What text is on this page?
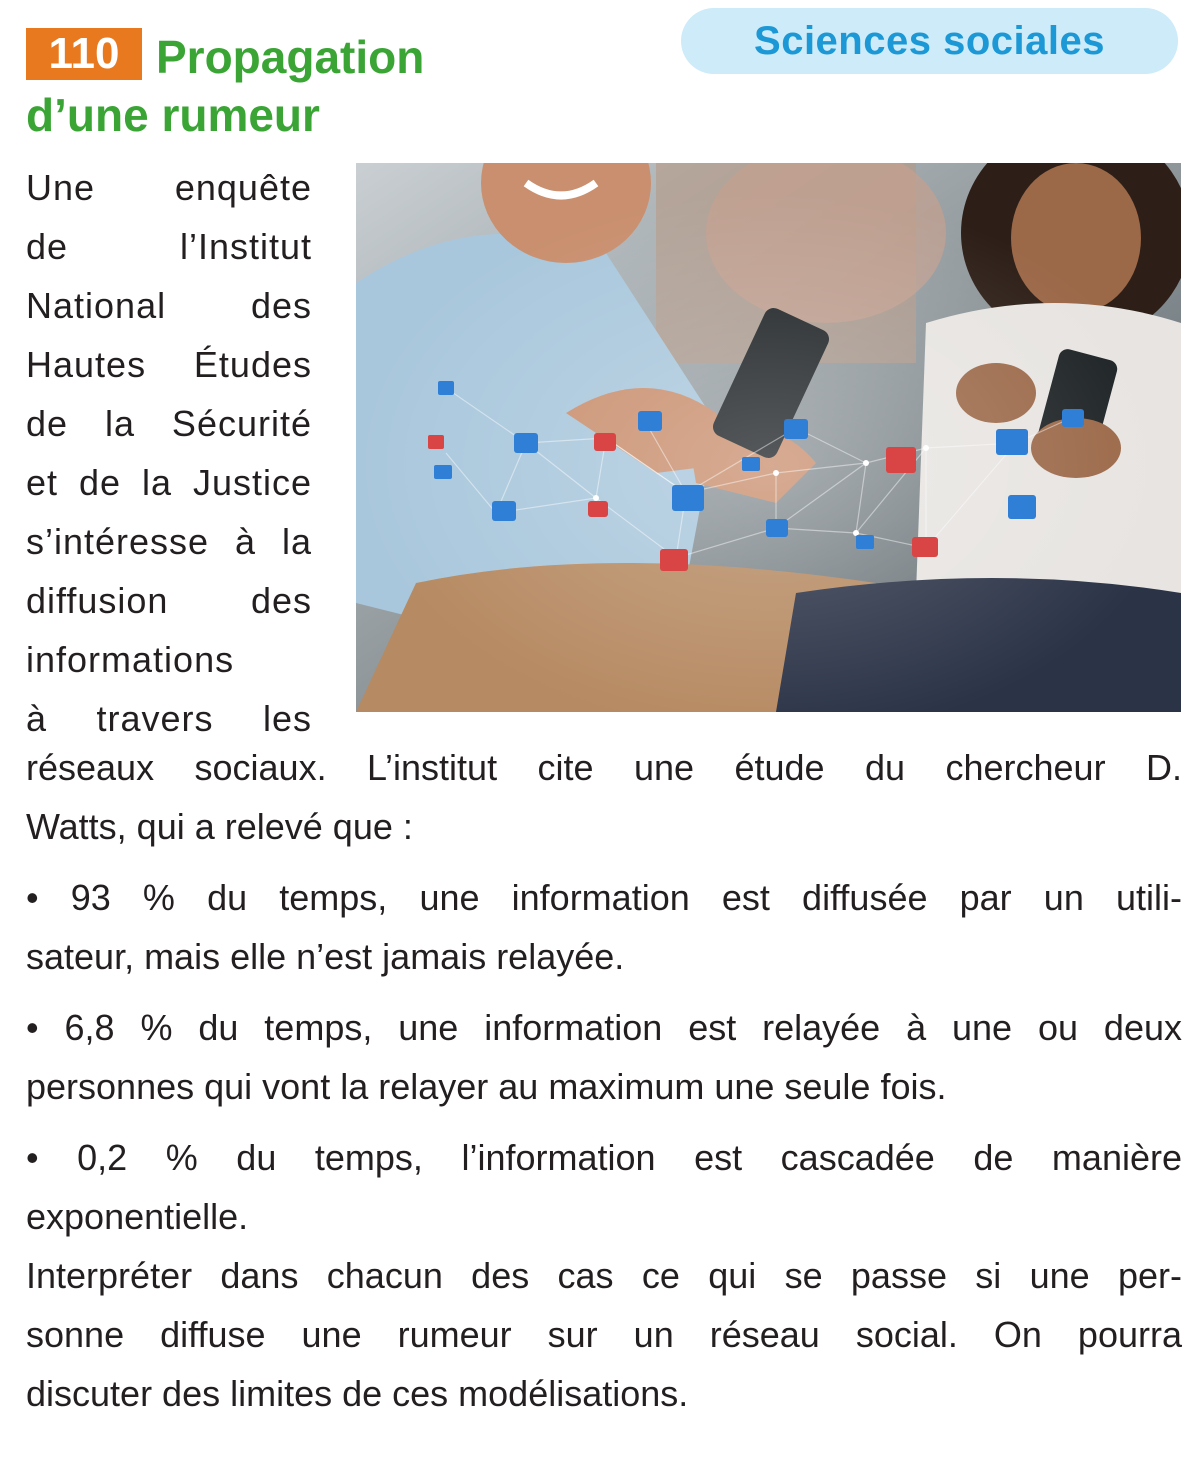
110 Propagation
d’une rumeur
Sciences sociales
Une enquête
de l’Institut
National des
Hautes Études
de la Sécurité
et de la Justice
s’intéresse à la
diffusion des
informations
à travers les

réseaux sociaux. L’institut cite une étude du chercheur D.

Watts, qui a relevé que :

• 93 % du temps, une information est diffusée par un utili-

sateur, mais elle n’est jamais relayée.

• 6,8 % du temps, une information est relayée à une ou deux

personnes qui vont la relayer au maximum une seule fois.

• 0,2 % du temps, l’information est cascadée de manière

exponentielle.

Interpréter dans chacun des cas ce qui se passe si une per-

sonne diffuse une rumeur sur un réseau social. On pourra

discuter des limites de ces modélisations.
